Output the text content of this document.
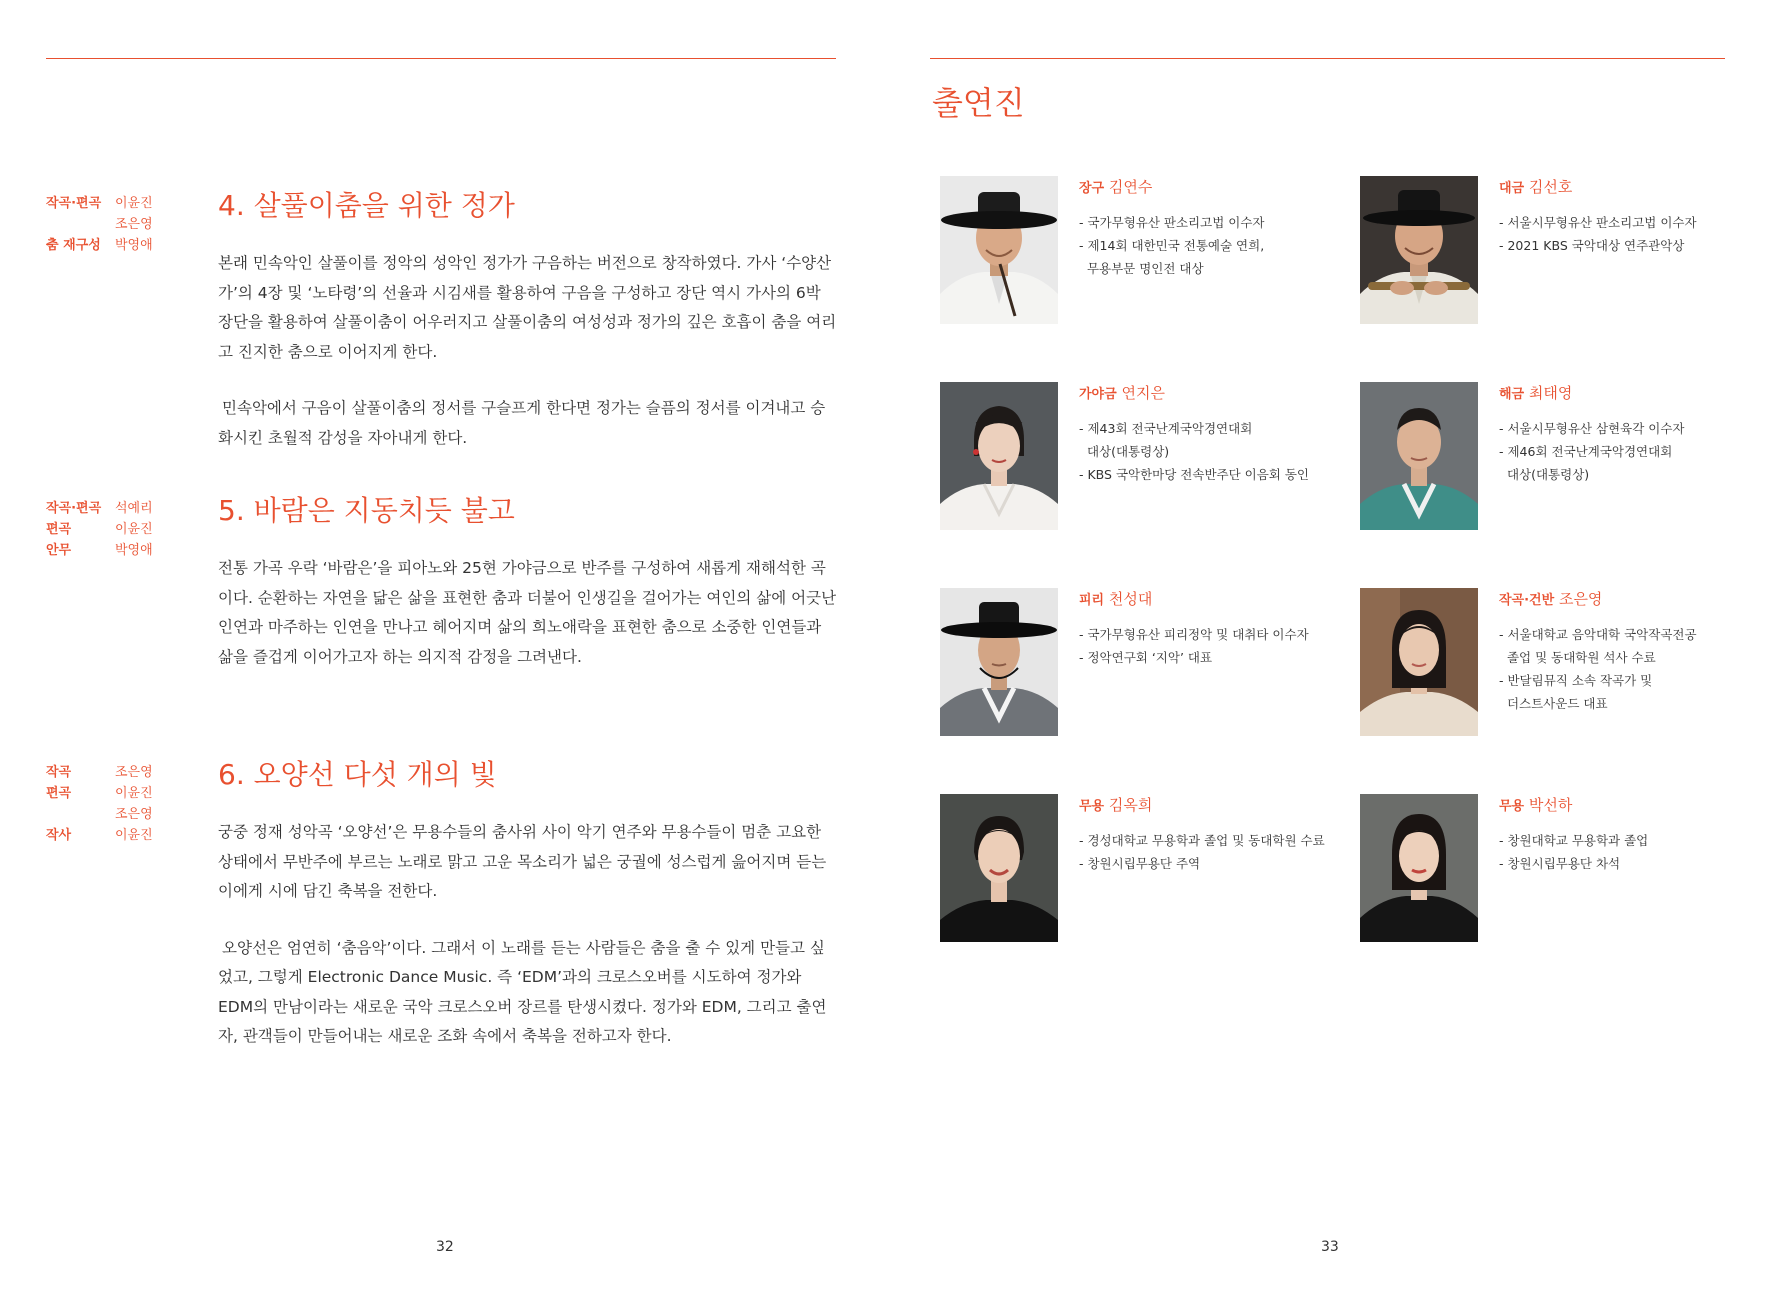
작곡·편곡	이윤진
조은영
춤 재구성	박영애
4. 살풀이춤을 위한 정가

본래 민속악인 살풀이를 정악의 성악인 정가가 구음하는 버전으로 창작하였다. 가사 ‘수양산가’의 4장 및 ‘노타령’의 선율과 시김새를 활용하여 구음을 구성하고 장단 역시 가사의 6박 장단을 활용하여 살풀이춤이 어우러지고 살풀이춤의 여성성과 정가의 깊은 호흡이 춤을 여리고 진지한 춤으로 이어지게 한다.

민속악에서 구음이 살풀이춤의 정서를 구슬프게 한다면 정가는 슬픔의 정서를 이겨내고 승화시킨 초월적 감성을 자아내게 한다.

작곡·편곡	석예리
편곡	이윤진
안무	박영애
5. 바람은 지동치듯 불고

전통 가곡 우락 ‘바람은’을 피아노와 25현 가야금으로 반주를 구성하여 새롭게 재해석한 곡이다. 순환하는 자연을 닮은 삶을 표현한 춤과 더불어 인생길을 걸어가는 여인의 삶에 어긋난 인연과 마주하는 인연을 만나고 헤어지며 삶의 희노애락을 표현한 춤으로 소중한 인연들과 삶을 즐겁게 이어가고자 하는 의지적 감정을 그려낸다.

작곡	조은영
편곡	이윤진
조은영
작사	이윤진
6. 오양선 다섯 개의 빛

궁중 정재 성악곡 ‘오양선’은 무용수들의 춤사위 사이 악기 연주와 무용수들이 멈춘 고요한 상태에서 무반주에 부르는 노래로 맑고 고운 목소리가 넓은 궁궐에 성스럽게 읊어지며 듣는 이에게 시에 담긴 축복을 전한다.

오양선은 엄연히 ‘춤음악’이다. 그래서 이 노래를 듣는 사람들은 춤을 출 수 있게 만들고 싶었고, 그렇게 Electronic Dance Music. 즉 ‘EDM’과의 크로스오버를 시도하여 정가와 EDM의 만남이라는 새로운 국악 크로스오버 장르를 탄생시켰다. 정가와 EDM, 그리고 출연자, 관객들이 만들어내는 새로운 조화 속에서 축복을 전하고자 한다.

32
출연진

장구 김연수

- 국가무형유산 판소리고법 이수자
- 제14회 대한민국 전통예술 연희,
무용부문 명인전 대상

대금 김선호

- 서울시무형유산 판소리고법 이수자
- 2021 KBS 국악대상 연주관악상

가야금 연지은

- 제43회 전국난계국악경연대회
대상(대통령상)
- KBS 국악한마당 전속반주단 이음회 동인

해금 최태영

- 서울시무형유산 삼현육각 이수자
- 제46회 전국난계국악경연대회
대상(대통령상)

피리 천성대

- 국가무형유산 피리정악 및 대취타 이수자
- 정악연구회 ‘지악’ 대표

작곡·건반 조은영

- 서울대학교 음악대학 국악작곡전공
졸업 및 동대학원 석사 수료
- 반달림뮤직 소속 작곡가 및
더스트사운드 대표

무용 김옥희

- 경성대학교 무용학과 졸업 및 동대학원 수료
- 창원시립무용단 주역

무용 박선하

- 창원대학교 무용학과 졸업
- 창원시립무용단 차석
33
